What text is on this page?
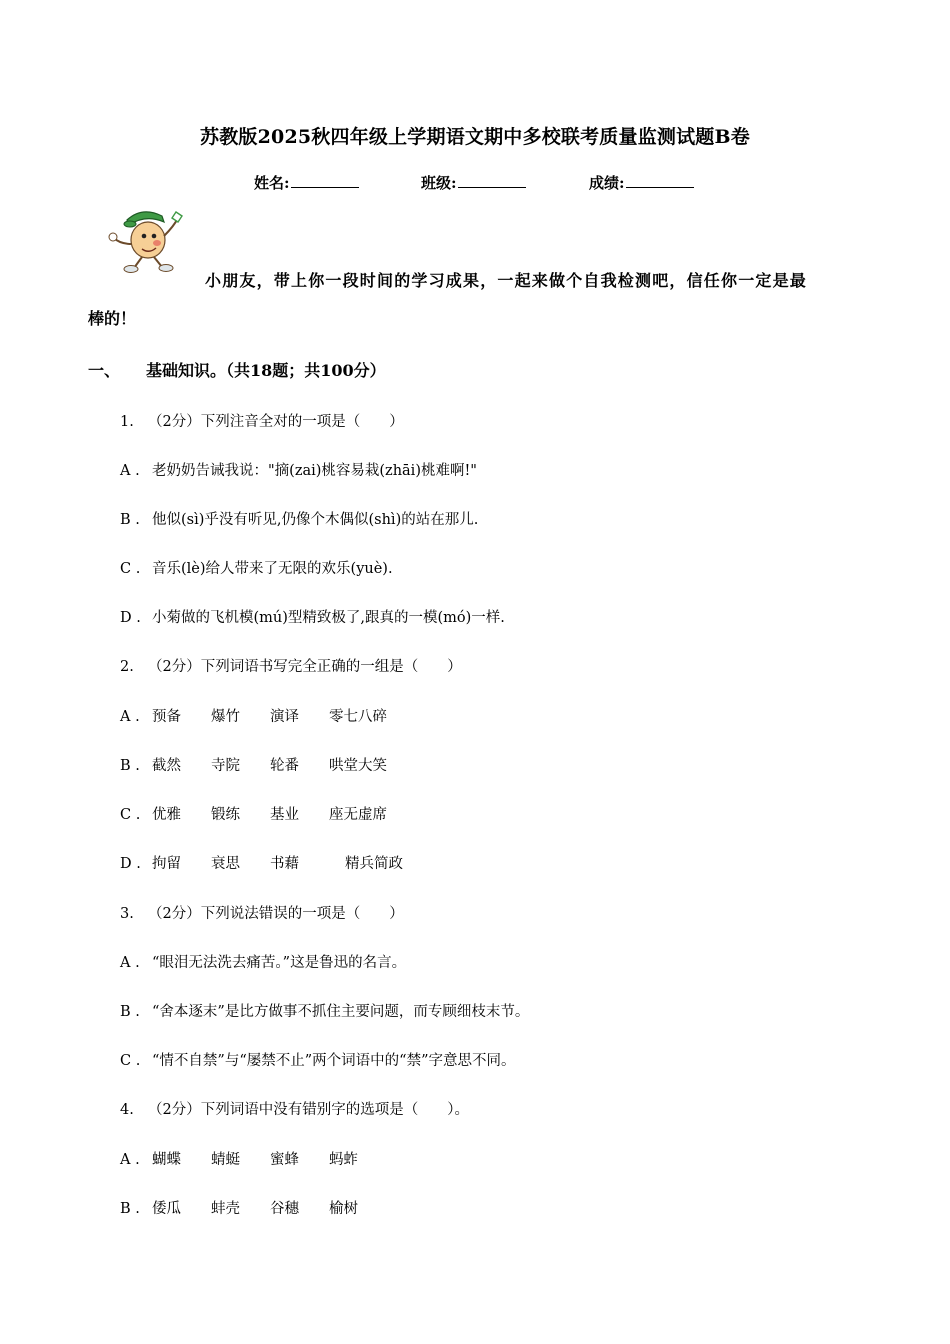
苏教版2025秋四年级上学期语文期中多校联考质量监测试题B卷
姓名:	班级:	成绩:
小朋友，带上你一段时间的学习成果，一起来做个自我检测吧，信任你一定是最
棒的！
一、 基础知识。（共18题；共100分）
1. （2分）下列注音全对的一项是（　　）
A . 老奶奶告诫我说："摘(zai)桃容易栽(zhāi)桃难啊!"
B . 他似(sì)乎没有听见,仍像个木偶似(shì)的站在那儿.
C . 音乐(lè)给人带来了无限的欢乐(yuè).
D . 小菊做的飞机模(mú)型精致极了,跟真的一模(mó)一样.
2. （2分）下列词语书写完全正确的一组是（　　）
A . 预备 爆竹 演译 零七八碎
B . 截然 寺院 轮番 哄堂大笑
C . 优雅 锻练 基业 座无虚席
D . 拘留 衰思 书藉	精兵简政
3. （2分）下列说法错误的一项是（　　）
A . “眼泪无法洗去痛苦。”这是鲁迅的名言。
B . “舍本逐末”是比方做事不抓住主要问题，而专顾细枝末节。
C . “情不自禁”与“屡禁不止”两个词语中的“禁”字意思不同。
4. （2分）下列词语中没有错别字的选项是（　　）。
A . 蝴蝶 蜻蜓 蜜蜂 蚂蚱
B . 倭瓜 蚌壳 谷穗 榆树
